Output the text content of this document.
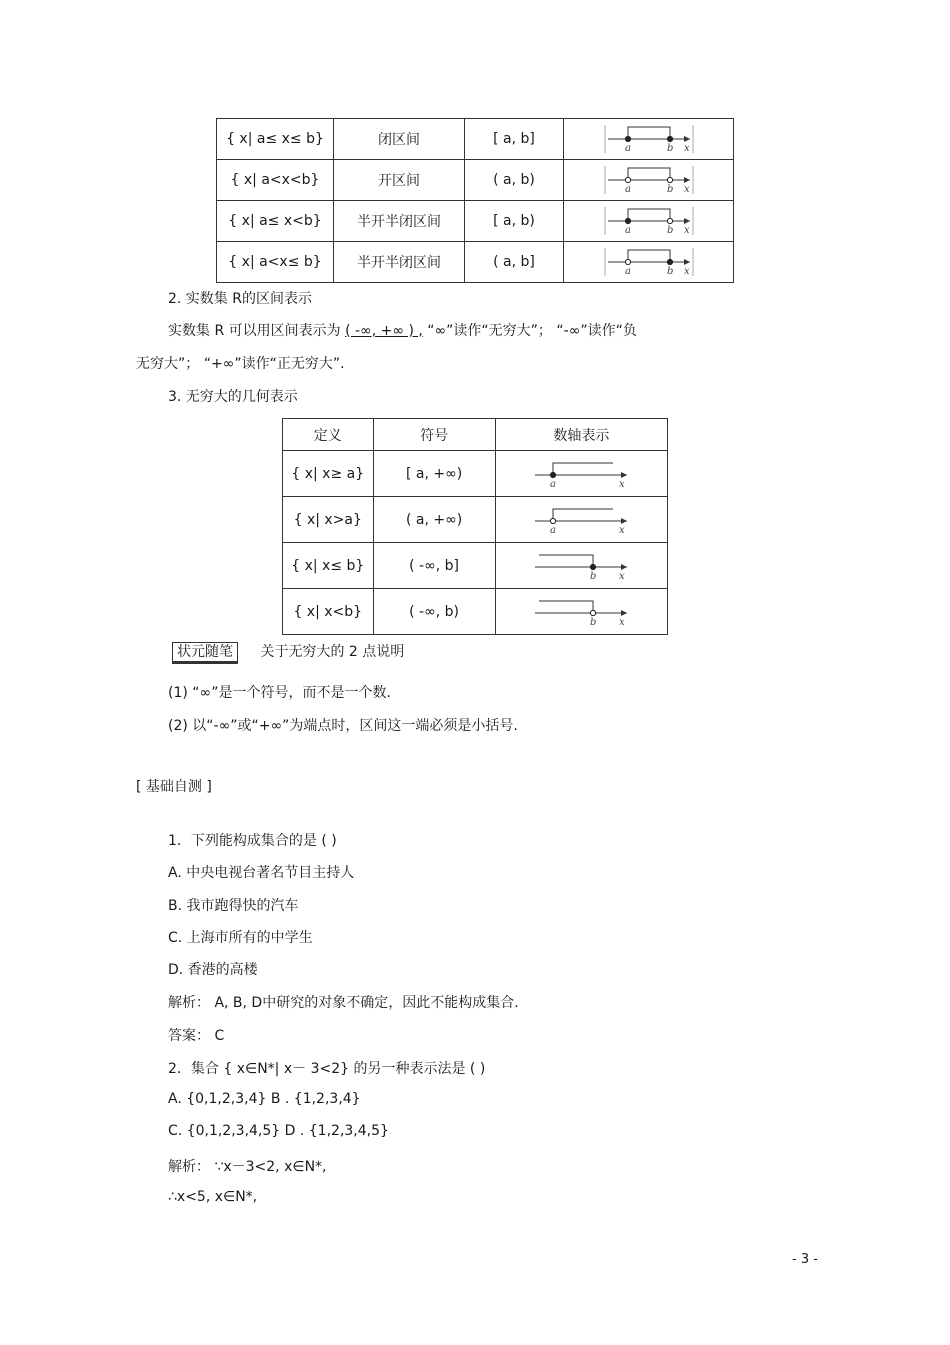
{ x| a≤ x≤ b}	闭区间	[ a, b]	a b x

{ x| a<x<b}	开区间	( a, b)	a b x

{ x| a≤ x<b}	半开半闭区间	[ a, b)	a b x

{ x| a<x≤ b}	半开半闭区间	( a, b]	a b x
2. 实数集 R的区间表示
实数集 R 可以用区间表示为 ( -∞, +∞ ) , “∞”读作“无穷大”； “-∞”读作“负
无穷大”； “+∞”读作“正无穷大”.
3. 无穷大的几何表示
定义	符号	数轴表示
{ x| x≥ a}	[ a, +∞)	a x

{ x| x>a}	( a, +∞)	a x

{ x| x≤ b}	( -∞, b]	b x

{ x| x<b}	( -∞, b)	b x
状元随笔 关于无穷大的 2 点说明
(1) “∞”是一个符号，而不是一个数.
(2) 以“-∞”或“+∞”为端点时，区间这一端必须是小括号.
[ 基础自测 ]
1．下列能构成集合的是 ( )
A. 中央电视台著名节目主持人
B. 我市跑得快的汽车
C. 上海市所有的中学生
D. 香港的高楼
解析： A, B, D中研究的对象不确定，因此不能构成集合.
答案： C
2．集合 { x∈N*| x－ 3<2} 的另一种表示法是 ( )
A. {0,1,2,3,4} B . {1,2,3,4}
C. {0,1,2,3,4,5} D . {1,2,3,4,5}
解析： ∵x－3<2, x∈N*,
∴x<5, x∈N*,
- 3 -
